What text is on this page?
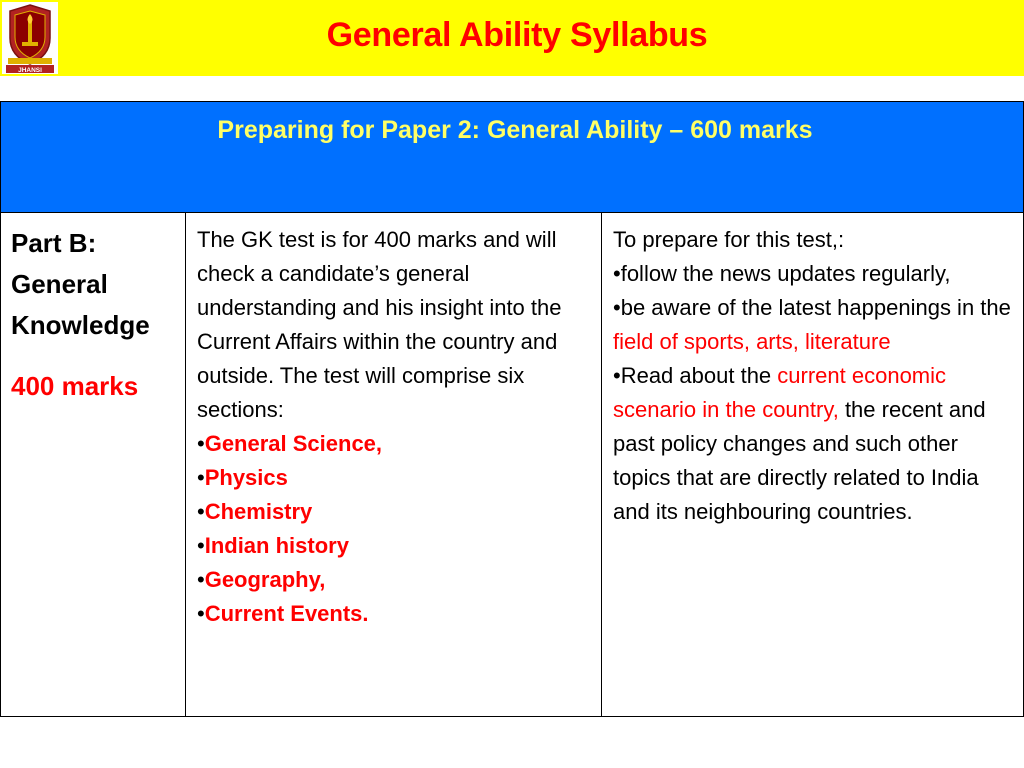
JHANSI
General Ability Syllabus
Preparing for Paper 2: General Ability – 600 marks

Part B:
General
Knowledge
400 marks

The GK test is for 400 marks and will check a candidate’s general understanding and his insight into the Current Affairs within the country and outside. The test will comprise six sections:
•General Science,
•Physics
•Chemistry
•Indian history
•Geography,
•Current Events.

To prepare for this test,:
•follow the news updates regularly,
•be aware of the latest happenings in the field of sports, arts, literature
•Read about the current economic scenario in the country, the recent and past policy changes and such other topics that are directly related to India and its neighbouring countries.
